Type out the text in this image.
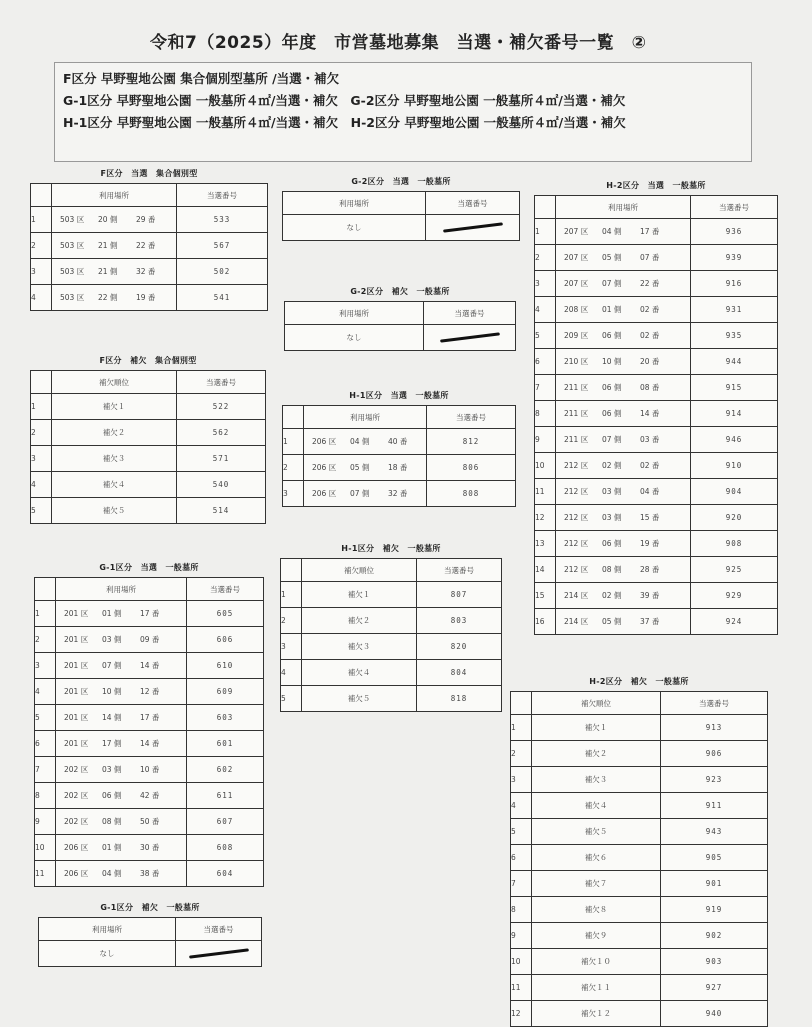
令和7（2025）年度　市営墓地募集　当選・補欠番号一覧　②
F区分 早野聖地公園 集合個別型墓所 /当選・補欠
G-1区分 早野聖地公園 一般墓所４㎡/当選・補欠　G-2区分 早野聖地公園 一般墓所４㎡/当選・補欠
H-1区分 早野聖地公園 一般墓所４㎡/当選・補欠　H-2区分 早野聖地公園 一般墓所４㎡/当選・補欠
F区分　当選　集合個別型
	利用場所	当選番号
1	503 区 20 側 29 番	533
2	503 区 21 側 22 番	567
3	503 区 21 側 32 番	502
4	503 区 22 側 19 番	541
F区分　補欠　集合個別型
	補欠順位	当選番号
1	補欠１	522
2	補欠２	562
3	補欠３	571
4	補欠４	540
5	補欠５	514
G-1区分　当選　一般墓所
	利用場所	当選番号
1	201 区 01 側 17 番	605
2	201 区 03 側 09 番	606
3	201 区 07 側 14 番	610
4	201 区 10 側 12 番	609
5	201 区 14 側 17 番	603
6	201 区 17 側 14 番	601
7	202 区 03 側 10 番	602
8	202 区 06 側 42 番	611
9	202 区 08 側 50 番	607
10	206 区 01 側 30 番	608
11	206 区 04 側 38 番	604
G-1区分　補欠　一般墓所
利用場所	当選番号
なし	
G-2区分　当選　一般墓所
利用場所	当選番号
なし	
G-2区分　補欠　一般墓所
利用場所	当選番号
なし	
H-1区分　当選　一般墓所
	利用場所	当選番号
1	206 区 04 側 40 番	812
2	206 区 05 側 18 番	806
3	206 区 07 側 32 番	808
H-1区分　補欠　一般墓所
	補欠順位	当選番号
1	補欠１	807
2	補欠２	803
3	補欠３	820
4	補欠４	804
5	補欠５	818
H-2区分　当選　一般墓所
	利用場所	当選番号
1	207 区 04 側 17 番	936
2	207 区 05 側 07 番	939
3	207 区 07 側 22 番	916
4	208 区 01 側 02 番	931
5	209 区 06 側 02 番	935
6	210 区 10 側 20 番	944
7	211 区 06 側 08 番	915
8	211 区 06 側 14 番	914
9	211 区 07 側 03 番	946
10	212 区 02 側 02 番	910
11	212 区 03 側 04 番	904
12	212 区 03 側 15 番	920
13	212 区 06 側 19 番	908
14	212 区 08 側 28 番	925
15	214 区 02 側 39 番	929
16	214 区 05 側 37 番	924
H-2区分　補欠　一般墓所
	補欠順位	当選番号
1	補欠１	913
2	補欠２	906
3	補欠３	923
4	補欠４	911
5	補欠５	943
6	補欠６	905
7	補欠７	901
8	補欠８	919
9	補欠９	902
10	補欠１０	903
11	補欠１１	927
12	補欠１２	940
